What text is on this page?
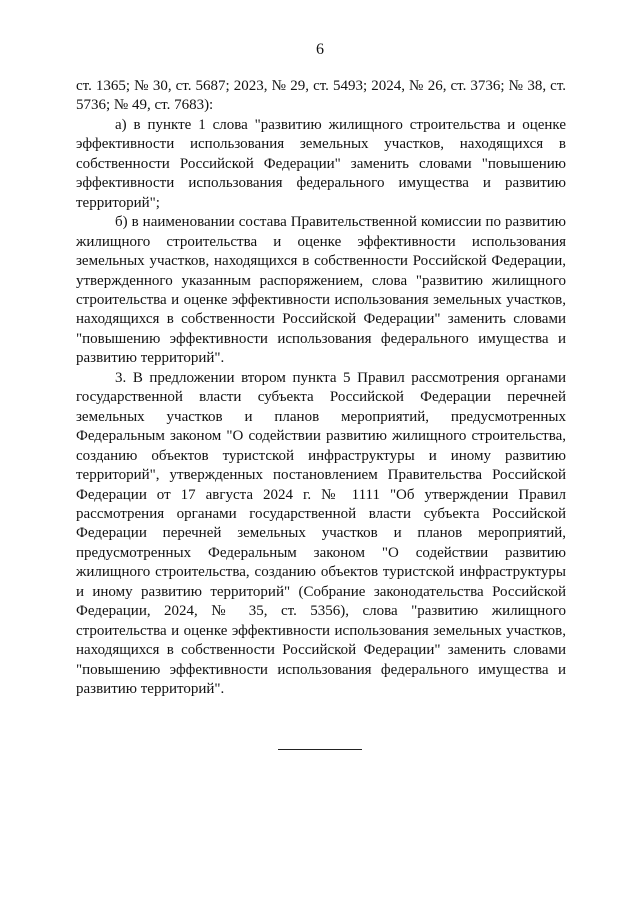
6

ст. 1365; № 30, ст. 5687; 2023, № 29, ст. 5493; 2024, № 26, ст. 3736; № 38, ст. 5736; № 49, ст. 7683):

а) в пункте 1 слова "развитию жилищного строительства и оценке эффективности использования земельных участков, находящихся в собственности Российской Федерации" заменить словами "повышению эффективности использования федерального имущества и развитию территорий";

б) в наименовании состава Правительственной комиссии по развитию жилищного строительства и оценке эффективности использования земельных участков, находящихся в собственности Российской Федерации, утвержденного указанным распоряжением, слова "развитию жилищного строительства и оценке эффективности использования земельных участков, находящихся в собственности Российской Федерации" заменить словами "повышению эффективности использования федерального имущества и развитию территорий".

3. В предложении втором пункта 5 Правил рассмотрения органами государственной власти субъекта Российской Федерации перечней земельных участков и планов мероприятий, предусмотренных Федеральным законом "О содействии развитию жилищного строительства, созданию объектов туристской инфраструктуры и иному развитию территорий", утвержденных постановлением Правительства Российской Федерации от 17 августа 2024 г. № 1111 "Об утверждении Правил рассмотрения органами государственной власти субъекта Российской Федерации перечней земельных участков и планов мероприятий, предусмотренных Федеральным законом "О содействии развитию жилищного строительства, созданию объектов туристской инфраструктуры и иному развитию территорий" (Собрание законодательства Российской Федерации, 2024, № 35, ст. 5356), слова "развитию жилищного строительства и оценке эффективности использования земельных участков, находящихся в собственности Российской Федерации" заменить словами "повышению эффективности использования федерального имущества и развитию территорий".
